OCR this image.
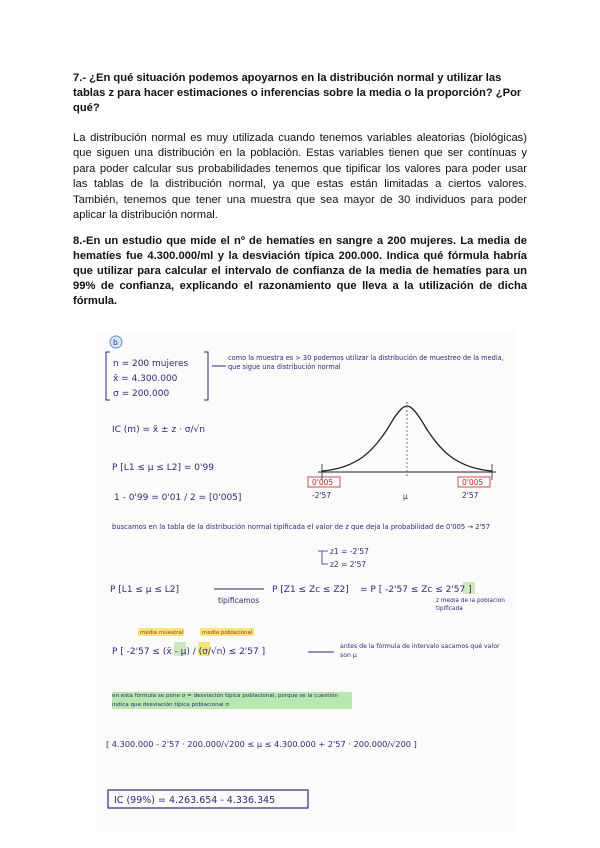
7.- ¿En qué situación podemos apoyarnos en la distribución normal y utilizar las tablas z para hacer estimaciones o inferencias sobre la media o la proporción? ¿Por qué?

La distribución normal es muy utilizada cuando tenemos variables aleatorias (biológicas) que siguen una distribución en la población. Estas variables tienen que ser contínuas y para poder calcular sus probabilidades tenemos que tipificar los valores para poder usar las tablas de la distribución normal, ya que estas están limitadas a ciertos valores. También, tenemos que tener una muestra que sea mayor de 30 individuos para poder aplicar la distribución normal.

8.-En un estudio que mide el nº de hematíes en sangre a 200 mujeres. La media de hematíes fue 4.300.000/ml y la desviación típica 200.000. Indica qué fórmula habría que utilizar para calcular el intervalo de confianza de la media de hematíes para un 99% de confianza, explicando el razonamiento que lleva a la utilización de dicha fórmula.

b
n = 200 mujeres
x̄ = 4.300.000
σ = 200.000
como la muestra es > 30 podemos utilizar la distribución de muestreo de la media, que sigue una distribución normal
IC (m) = x̄ ± z · σ/√n
P [L1 ≤ μ ≤ L2] = 0'99
1 - 0'99 = 0'01 / 2 = [0'005]
0'005	0'005
-2'57	μ	2'57
buscamos en la tabla de la distribución normal tipificada el valor de z que deja la probabilidad de 0'005 → 2'57
z1 = -2'57
z2 = 2'57
P [L1 ≤ μ ≤ L2]
tipificamos
P [Z1 ≤ Zc ≤ Z2] = P [ -2'57 ≤ Zc ≤ 2'57 ]
z media de la población tipificada
media muestral	media poblacional
P [ -2'57 ≤ (x̄ - μ) / (σ/√n) ≤ 2'57 ]
antes de la fórmula de intervalo sacamos qué valor son μ
en esta fórmula se pone σ = desviación típica poblacional, porque se la cuestión indica que desviación típica poblacional σ
[ 4.300.000 - 2'57 · 200.000/√200 ≤ μ ≤ 4.300.000 + 2'57 · 200.000/√200 ]
IC (99%) = 4.263.654 - 4.336.345
